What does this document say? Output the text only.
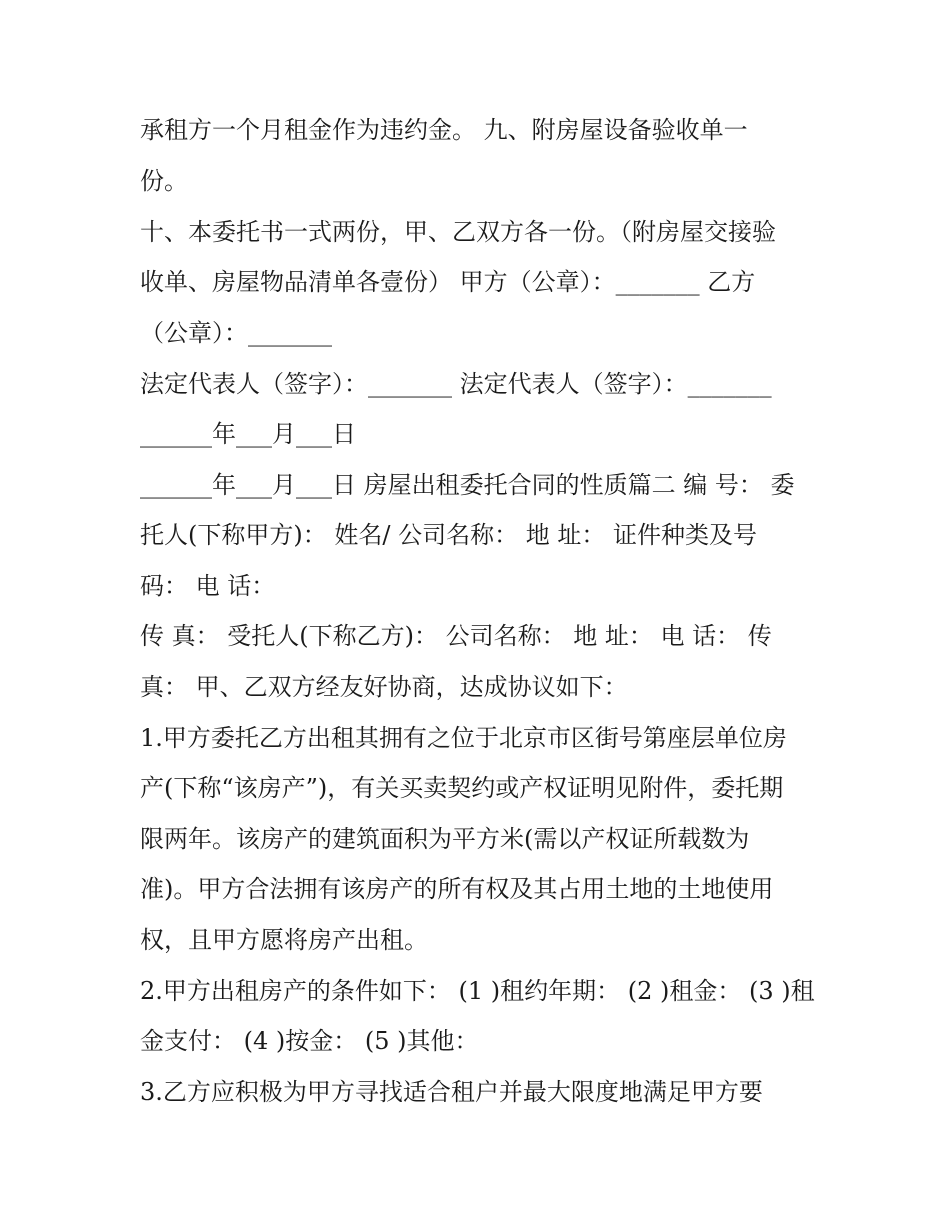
承租方一个月租金作为违约金。 九、附房屋设备验收单一
份。
十、本委托书一式两份，甲、乙双方各一份。（附房屋交接验
收单、房屋物品清单各壹份） 甲方（公章）：_______ 乙方
（公章）：_______
法定代表人（签字）：_______ 法定代表人（签字）：_______
______年___月___日
______年___月___日 房屋出租委托合同的性质篇二 编 号： 委
托人(下称甲方)： 姓名/ 公司名称： 地 址： 证件种类及号
码： 电 话：
传 真： 受托人(下称乙方)： 公司名称： 地 址： 电 话： 传
真： 甲、乙双方经友好协商，达成协议如下：
1.甲方委托乙方出租其拥有之位于北京市区街号第座层单位房
产(下称“该房产”)，有关买卖契约或产权证明见附件，委托期
限两年。该房产的建筑面积为平方米(需以产权证所载数为
准)。甲方合法拥有该房产的所有权及其占用土地的土地使用
权，且甲方愿将房产出租。
2.甲方出租房产的条件如下： (1 )租约年期： (2 )租金： (3 )租
金支付： (4 )按金： (5 )其他：
3.乙方应积极为甲方寻找适合租户并最大限度地满足甲方要
